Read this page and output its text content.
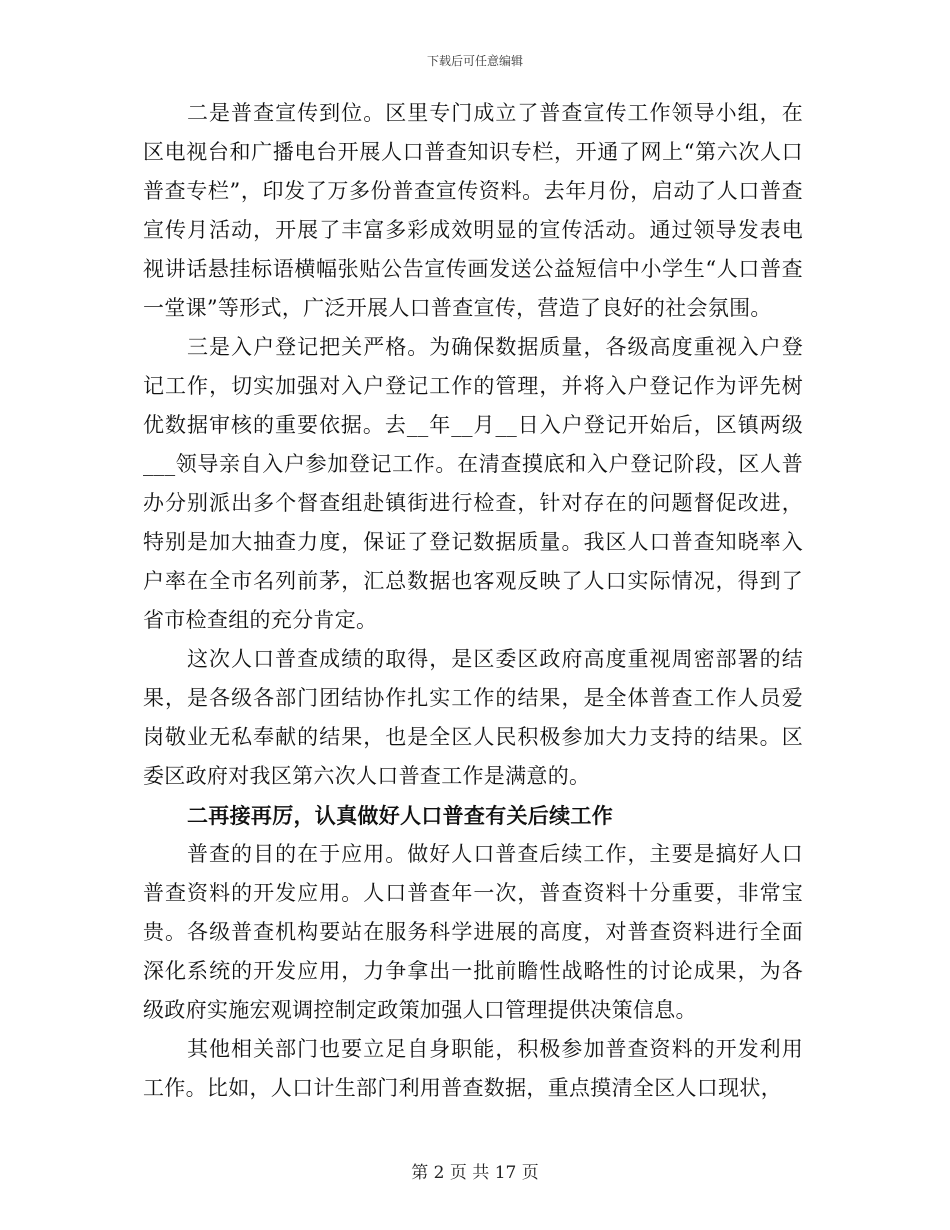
下载后可任意编辑

二是普查宣传到位。区里专门成立了普查宣传工作领导小组，在区电视台和广播电台开展人口普查知识专栏，开通了网上“第六次人口普查专栏”，印发了万多份普查宣传资料。去年月份，启动了人口普查宣传月活动，开展了丰富多彩成效明显的宣传活动。通过领导发表电视讲话悬挂标语横幅张贴公告宣传画发送公益短信中小学生“人口普查一堂课”等形式，广泛开展人口普查宣传，营造了良好的社会氛围。

三是入户登记把关严格。为确保数据质量，各级高度重视入户登记工作，切实加强对入户登记工作的管理，并将入户登记作为评先树优数据审核的重要依据。去__年__月__日入户登记开始后，区镇两级___领导亲自入户参加登记工作。在清查摸底和入户登记阶段，区人普办分别派出多个督查组赴镇街进行检查，针对存在的问题督促改进，特别是加大抽查力度，保证了登记数据质量。我区人口普查知晓率入户率在全市名列前茅，汇总数据也客观反映了人口实际情况，得到了省市检查组的充分肯定。

这次人口普查成绩的取得，是区委区政府高度重视周密部署的结果，是各级各部门团结协作扎实工作的结果，是全体普查工作人员爱岗敬业无私奉献的结果，也是全区人民积极参加大力支持的结果。区委区政府对我区第六次人口普查工作是满意的。

二再接再厉，认真做好人口普查有关后续工作

普查的目的在于应用。做好人口普查后续工作，主要是搞好人口普查资料的开发应用。人口普查年一次，普查资料十分重要，非常宝贵。各级普查机构要站在服务科学进展的高度，对普查资料进行全面深化系统的开发应用，力争拿出一批前瞻性战略性的讨论成果，为各级政府实施宏观调控制定政策加强人口管理提供决策信息。

其他相关部门也要立足自身职能，积极参加普查资料的开发利用工作。比如，人口计生部门利用普查数据，重点摸清全区人口现状，

第 2 页 共 17 页
